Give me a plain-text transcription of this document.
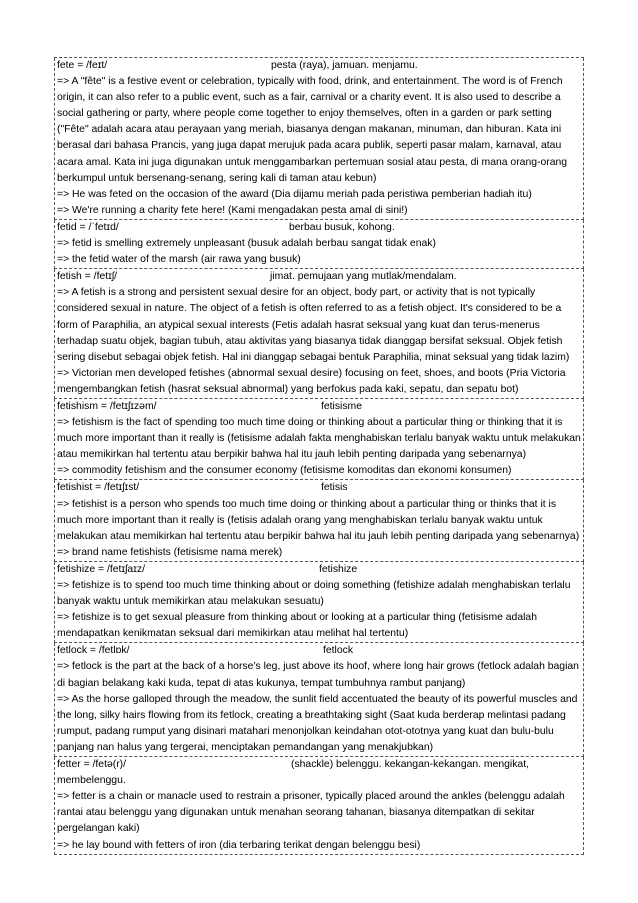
fete = /feɪt/	pesta (raya), jamuan. menjamu.

=> A "fête" is a festive event or celebration, typically with food, drink, and entertainment. The word is of French origin, it can also refer to a public event, such as a fair, carnival or a charity event. It is also used to describe a social gathering or party, where people come together to enjoy themselves, often in a garden or park setting ("Fête" adalah acara atau perayaan yang meriah, biasanya dengan makanan, minuman, dan hiburan. Kata ini berasal dari bahasa Prancis, yang juga dapat merujuk pada acara publik, seperti pasar malam, karnaval, atau acara amal. Kata ini juga digunakan untuk menggambarkan pertemuan sosial atau pesta, di mana orang-orang berkumpul untuk bersenang-senang, sering kali di taman atau kebun)

=> He was feted on the occasion of the award (Dia dijamu meriah pada peristiwa pemberian hadiah itu)

=> We're running a charity fete here! (Kami mengadakan pesta amal di sini!)

fetid = /ˈfetɪd/	berbau busuk, kohong.

=> fetid is smelling extremely unpleasant (busuk adalah berbau sangat tidak enak)

=> the fetid water of the marsh (air rawa yang busuk)

fetish = /fetɪʃ/	jimat. pemujaan yang mutlak/mendalam.

=> A fetish is a strong and persistent sexual desire for an object, body part, or activity that is not typically considered sexual in nature. The object of a fetish is often referred to as a fetish object. It's considered to be a form of Paraphilia, an atypical sexual interests (Fetis adalah hasrat seksual yang kuat dan terus-menerus terhadap suatu objek, bagian tubuh, atau aktivitas yang biasanya tidak dianggap bersifat seksual. Objek fetish sering disebut sebagai objek fetish. Hal ini dianggap sebagai bentuk Paraphilia, minat seksual yang tidak lazim)

=> Victorian men developed fetishes (abnormal sexual desire) focusing on feet, shoes, and boots (Pria Victoria mengembangkan fetish (hasrat seksual abnormal) yang berfokus pada kaki, sepatu, dan sepatu bot)

fetishism = /fetɪʃɪzəm/	fetisisme

=> fetishism is the fact of spending too much time doing or thinking about a particular thing or thinking that it is much more important than it really is (fetisisme adalah fakta menghabiskan terlalu banyak waktu untuk melakukan atau memikirkan hal tertentu atau berpikir bahwa hal itu jauh lebih penting daripada yang sebenarnya)

=> commodity fetishism and the consumer economy (fetisisme komoditas dan ekonomi konsumen)

fetishist = /fetɪʃɪst/	fetisis

=> fetishist is a person who spends too much time doing or thinking about a particular thing or thinks that it is much more important than it really is (fetisis adalah orang yang menghabiskan terlalu banyak waktu untuk melakukan atau memikirkan hal tertentu atau berpikir bahwa hal itu jauh lebih penting daripada yang sebenarnya)

=> brand name fetishists (fetisisme nama merek)

fetishize = /fetɪʃaɪz/	fetishize

=> fetishize is to spend too much time thinking about or doing something (fetishize adalah menghabiskan terlalu banyak waktu untuk memikirkan atau melakukan sesuatu)

=> fetishize is to get sexual pleasure from thinking about or looking at a particular thing (fetisisme adalah mendapatkan kenikmatan seksual dari memikirkan atau melihat hal tertentu)

fetlock = /fetlɒk/	fetlock

=> fetlock is the part at the back of a horse’s leg, just above its hoof, where long hair grows (fetlock adalah bagian di bagian belakang kaki kuda, tepat di atas kukunya, tempat tumbuhnya rambut panjang)

=> As the horse galloped through the meadow, the sunlit field accentuated the beauty of its powerful muscles and the long, silky hairs flowing from its fetlock, creating a breathtaking sight (Saat kuda berderap melintasi padang rumput, padang rumput yang disinari matahari menonjolkan keindahan otot-ototnya yang kuat dan bulu-bulu panjang nan halus yang tergerai, menciptakan pemandangan yang menakjubkan)

fetter = /fetə(r)/	(shackle) belenggu. kekangan-kekangan. mengikat, membelenggu.

=> fetter is a chain or manacle used to restrain a prisoner, typically placed around the ankles (belenggu adalah rantai atau belenggu yang digunakan untuk menahan seorang tahanan, biasanya ditempatkan di sekitar pergelangan kaki)

=> he lay bound with fetters of iron (dia terbaring terikat dengan belenggu besi)
